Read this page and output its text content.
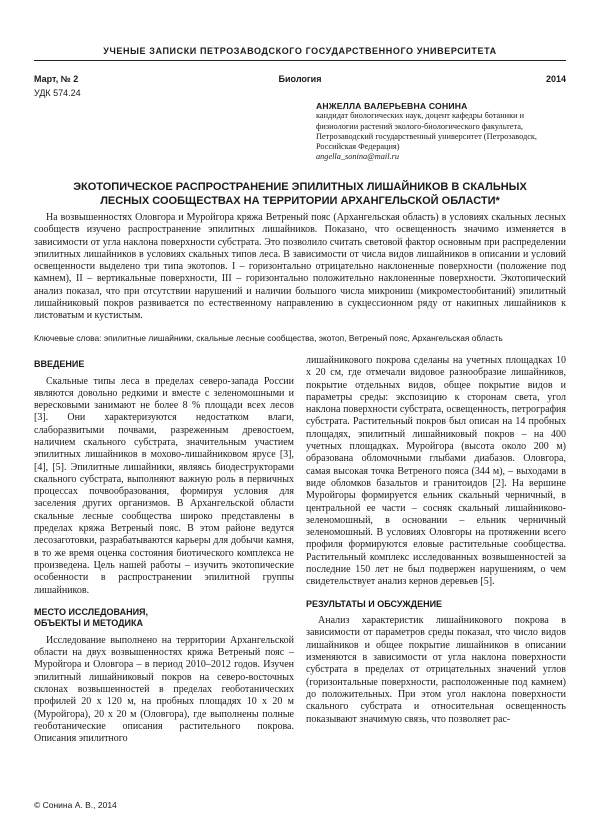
УЧЕНЫЕ ЗАПИСКИ ПЕТРОЗАВОДСКОГО ГОСУДАРСТВЕННОГО УНИВЕРСИТЕТА
Биология
Март, № 2	2014
УДК 574.24
АНЖЕЛЛА ВАЛЕРЬЕВНА СОНИНА
кандидат биологических наук, доцент кафедры ботаники и физиологии растений эколого-биологического факультета, Петрозаводский государственный университет (Петрозаводск, Российская Федерация)
angella_sonina@mail.ru
ЭКОТОПИЧЕСКОЕ РАСПРОСТРАНЕНИЕ ЭПИЛИТНЫХ ЛИШАЙНИКОВ В СКАЛЬНЫХ ЛЕСНЫХ СООБЩЕСТВАХ НА ТЕРРИТОРИИ АРХАНГЕЛЬСКОЙ ОБЛАСТИ*

На возвышенностях Оловгора и Муройгора кряжа Ветреный пояс (Архангельская область) в условиях скальных лесных сообществ изучено распространение эпилитных лишайников. Показано, что освещенность значимо изменяется в зависимости от угла наклона поверхности субстрата. Это позволило считать световой фактор основным при распределении эпилитных лишайников в условиях скальных типов леса. В зависимости от числа видов лишайников в описании и условий освещенности выделено три типа экотопов. I – горизонтально отрицательно наклоненные поверхности (положение под камнем), II – вертикальные поверхности, III – горизонтально положительно наклоненные поверхности. Экотопический анализ показал, что при отсутствии нарушений и наличии большого числа микрониш (микроместообитаний) эпилитный лишайниковый покров развивается по естественному направлению в сукцессионном ряду от накипных лишайников к листоватым и кустистым.

Ключевые слова: эпилитные лишайники, скальные лесные сообщества, экотоп, Ветреный пояс, Архангельская область
ВВЕДЕНИЕ

Скальные типы леса в пределах северо-запада России являются довольно редкими и вместе с зеленомошными и вересковыми занимают не более 8 % площади всех лесов [3]. Они характеризуются недостатком влаги, слаборазвитыми почвами, разреженным древостоем, наличием скального субстрата, значительным участием эпилитных лишайников в мохово-лишайниковом ярусе [3], [4], [5]. Эпилитные лишайники, являясь биодеструкторами скального субстрата, выполняют важную роль в первичных процессах почвообразования, формируя условия для заселения других организмов. В Архангельской области скальные лесные сообщества широко представлены в пределах кряжа Ветреный пояс. В этом районе ведутся лесозаготовки, разрабатываются карьеры для добычи камня, в то же время оценка состояния биотического комплекса не произведена. Цель нашей работы – изучить экотопические особенности в распространении эпилитной группы лишайников.

МЕСТО ИССЛЕДОВАНИЯ,
ОБЪЕКТЫ И МЕТОДИКА

Исследование выполнено на территории Архангельской области на двух возвышенностях кряжа Ветреный пояс – Муройгора и Оловгора – в период 2010–2012 годов. Изучен эпилитный лишайниковый покров на северо-восточных склонах возвышенностей в пределах геоботанических профилей 20 х 120 м, на пробных площадях 10 х 20 м (Муройгора), 20 х 20 м (Оловгора), где выполнены полные геоботанические описания растительного покрова. Описания эпилитного

лишайникового покрова сделаны на учетных площадках 10 х 20 см, где отмечали видовое разнообразие лишайников, покрытие отдельных видов, общее покрытие видов и параметры среды: экспозицию к сторонам света, угол наклона поверхности субстрата, освещенность, петрография субстрата. Растительный покров был описан на 14 пробных площадях, эпилитный лишайниковый покров – на 400 учетных площадках. Муройгора (высота около 200 м) образована обломочными глыбами диабазов. Оловгора, самая высокая точка Ветреного пояса (344 м), – выходами в виде обломков базальтов и гранитоидов [2]. На вершине Муройгоры формируется ельник скальный черничный, в центральной ее части – сосняк скальный лишайниково-зеленомошный, в основании – ельник черничный зеленомошный. В условиях Оловгоры на протяжении всего профиля формируются еловые растительные сообщества. Растительный комплекс исследованных возвышенностей за последние 150 лет не был подвержен нарушениям, о чем свидетельствует анализ кернов деревьев [5].

РЕЗУЛЬТАТЫ И ОБСУЖДЕНИЕ

Анализ характеристик лишайникового покрова в зависимости от параметров среды показал, что число видов лишайников и общее покрытие лишайников в описании изменяются в зависимости от угла наклона поверхности субстрата в пределах от отрицательных значений углов (горизонтальные поверхности, расположенные под камнем) до положительных. При этом угол наклона поверхности скального субстрата и относительная освещенность показывают значимую связь, что позволяет рас-

© Сонина А. В., 2014
